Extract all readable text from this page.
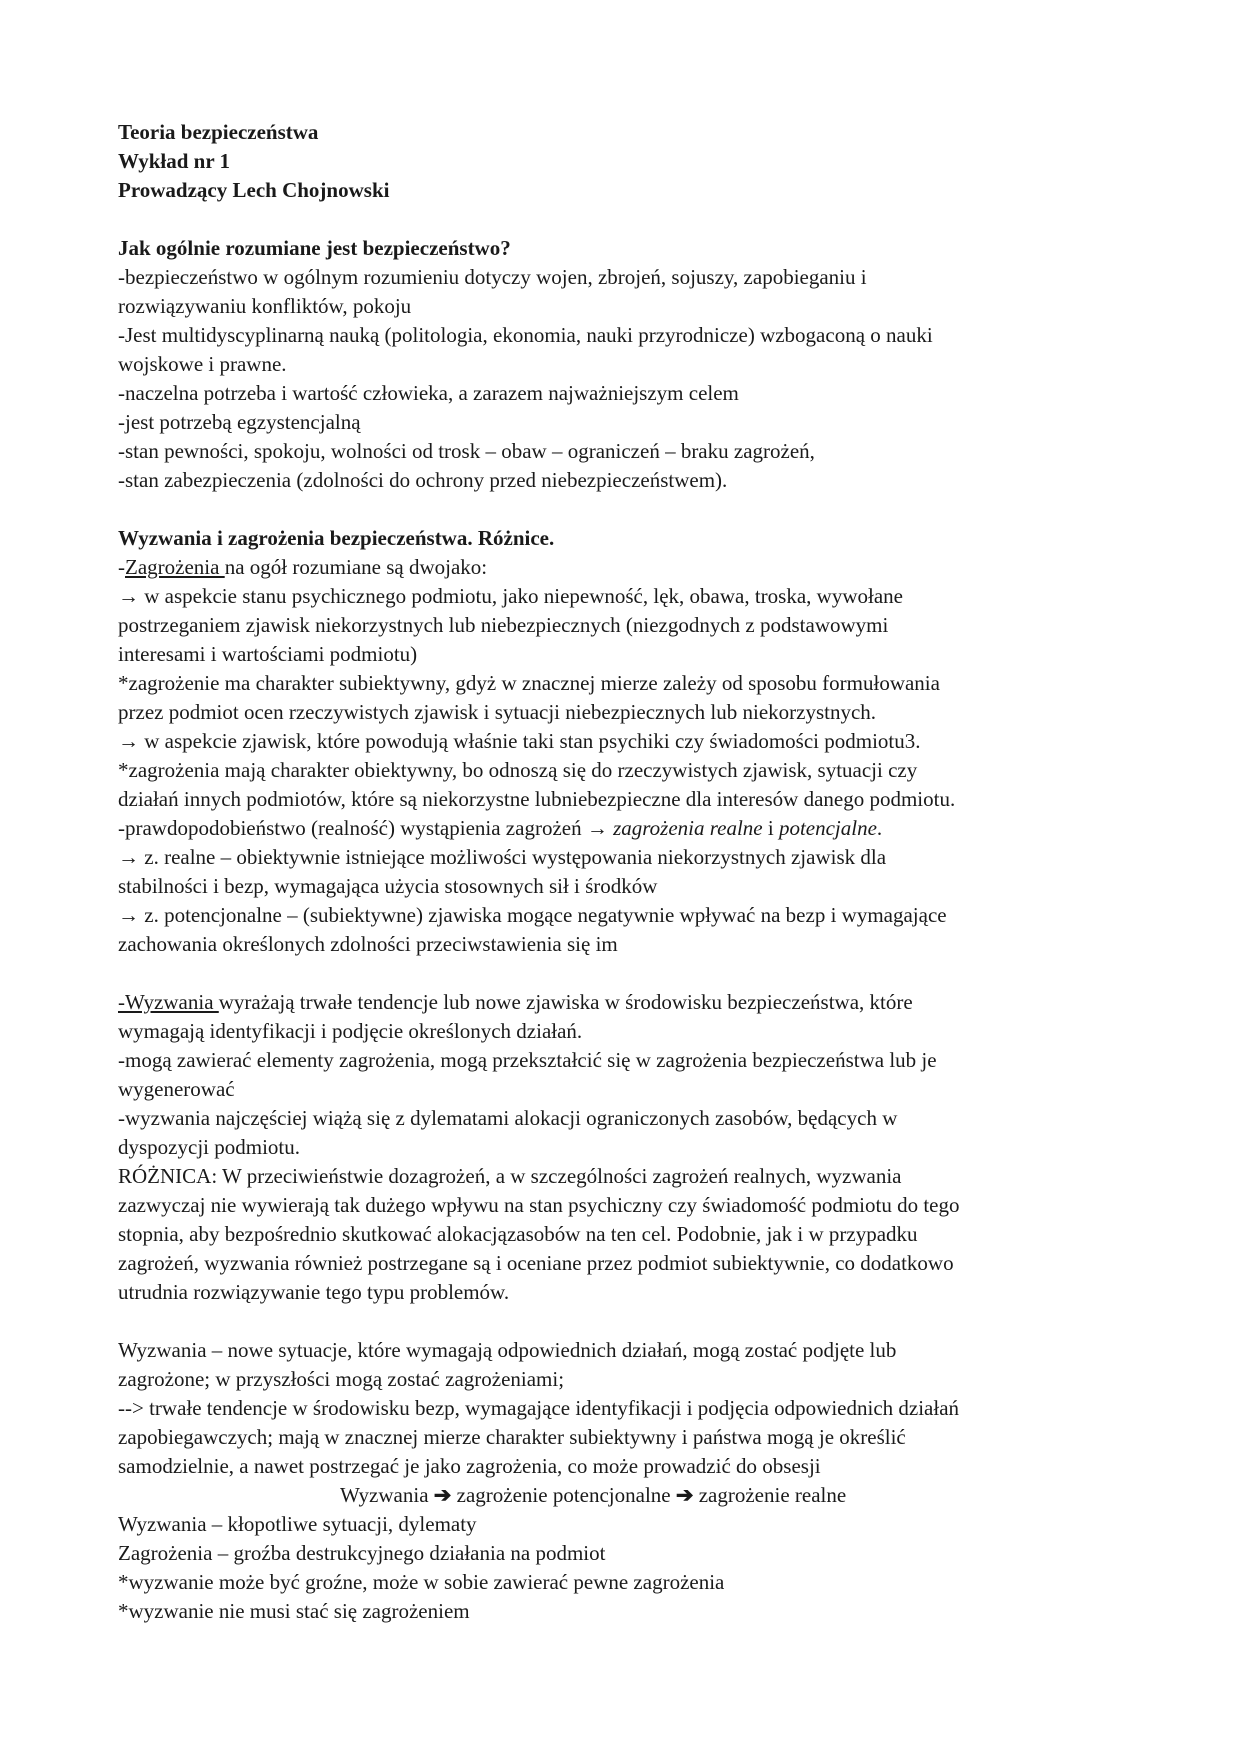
Teoria bezpieczeństwa
Wykład nr 1
Prowadzący Lech Chojnowski
Jak ogólnie rozumiane jest bezpieczeństwo?
-bezpieczeństwo w ogólnym rozumieniu dotyczy wojen, zbrojeń, sojuszy, zapobieganiu i
rozwiązywaniu konfliktów, pokoju
-Jest multidyscyplinarną nauką (politologia, ekonomia, nauki przyrodnicze) wzbogaconą o nauki
wojskowe i prawne.
-naczelna potrzeba i wartość człowieka, a zarazem najważniejszym celem
-jest potrzebą egzystencjalną
-stan pewności, spokoju, wolności od trosk – obaw – ograniczeń – braku zagrożeń,
-stan zabezpieczenia (zdolności do ochrony przed niebezpieczeństwem).
Wyzwania i zagrożenia bezpieczeństwa. Różnice.
-Zagrożenia na ogół rozumiane są dwojako:
→ w aspekcie stanu psychicznego podmiotu, jako niepewność, lęk, obawa, troska, wywołane
postrzeganiem zjawisk niekorzystnych lub niebezpiecznych (niezgodnych z podstawowymi
interesami i wartościami podmiotu)
*zagrożenie ma charakter subiektywny, gdyż w znacznej mierze zależy od sposobu formułowania
przez podmiot ocen rzeczywistych zjawisk i sytuacji niebezpiecznych lub niekorzystnych.
→ w aspekcie zjawisk, które powodują właśnie taki stan psychiki czy świadomości podmiotu3.
*zagrożenia mają charakter obiektywny, bo odnoszą się do rzeczywistych zjawisk, sytuacji czy
działań innych podmiotów, które są niekorzystne lubniebezpieczne dla interesów danego podmiotu.
-prawdopodobieństwo (realność) wystąpienia zagrożeń → zagrożenia realne i potencjalne.
→ z. realne – obiektywnie istniejące możliwości występowania niekorzystnych zjawisk dla
stabilności i bezp, wymagająca użycia stosownych sił i środków
→ z. potencjonalne – (subiektywne) zjawiska mogące negatywnie wpływać na bezp i wymagające
zachowania określonych zdolności przeciwstawienia się im
-Wyzwania wyrażają trwałe tendencje lub nowe zjawiska w środowisku bezpieczeństwa, które
wymagają identyfikacji i podjęcie określonych działań.
-mogą zawierać elementy zagrożenia, mogą przekształcić się w zagrożenia bezpieczeństwa lub je
wygenerować
-wyzwania najczęściej wiążą się z dylematami alokacji ograniczonych zasobów, będących w
dyspozycji podmiotu.
RÓŻNICA: W przeciwieństwie dozagrożeń, a w szczególności zagrożeń realnych, wyzwania
zazwyczaj nie wywierają tak dużego wpływu na stan psychiczny czy świadomość podmiotu do tego
stopnia, aby bezpośrednio skutkować alokacjązasobów na ten cel. Podobnie, jak i w przypadku
zagrożeń, wyzwania również postrzegane są i oceniane przez podmiot subiektywnie, co dodatkowo
utrudnia rozwiązywanie tego typu problemów.
Wyzwania – nowe sytuacje, które wymagają odpowiednich działań, mogą zostać podjęte lub
zagrożone; w przyszłości mogą zostać zagrożeniami;
--> trwałe tendencje w środowisku bezp, wymagające identyfikacji i podjęcia odpowiednich działań
zapobiegawczych; mają w znacznej mierze charakter subiektywny i państwa mogą je określić
samodzielnie, a nawet postrzegać je jako zagrożenia, co może prowadzić do obsesji
Wyzwania ➔ zagrożenie potencjonalne ➔ zagrożenie realne
Wyzwania – kłopotliwe sytuacji, dylematy
Zagrożenia – groźba destrukcyjnego działania na podmiot
*wyzwanie może być groźne, może w sobie zawierać pewne zagrożenia
*wyzwanie nie musi stać się zagrożeniem
